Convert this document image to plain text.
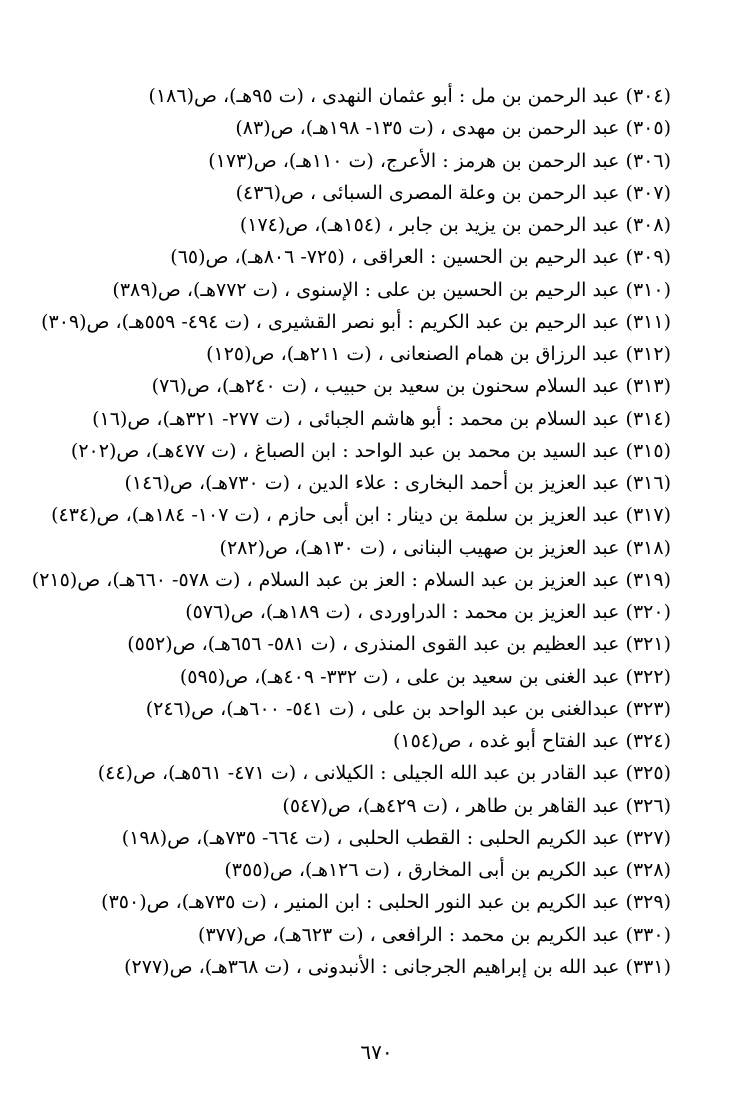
(٣٠٤) عبد الرحمن بن مل : أبو عثمان النهدى ، (ت ٩٥هـ)، ص(١٨٦)
(٣٠٥) عبد الرحمن بن مهدى ، (ت ١٣٥- ١٩٨هـ)، ص(٨٣)
(٣٠٦) عبد الرحمن بن هرمز : الأعرج، (ت ١١٠هـ)، ص(١٧٣)
(٣٠٧) عبد الرحمن بن وعلة المصرى السبائى ، ص(٤٣٦)
(٣٠٨) عبد الرحمن بن يزيد بن جابر ، (١٥٤هـ)، ص(١٧٤)
(٣٠٩) عبد الرحيم بن الحسين : العراقى ، (٧٢٥- ٨٠٦هـ)، ص(٦٥)
(٣١٠) عبد الرحيم بن الحسين بن على : الإسنوى ، (ت ٧٧٢هـ)، ص(٣٨٩)
(٣١١) عبد الرحيم بن عبد الكريم : أبو نصر القشيرى ، (ت ٤٩٤- ٥٥٩هـ)، ص(٣٠٩)
(٣١٢) عبد الرزاق بن همام الصنعانى ، (ت ٢١١هـ)، ص(١٢٥)
(٣١٣) عبد السلام سحنون بن سعيد بن حبيب ، (ت ٢٤٠هـ)، ص(٧٦)
(٣١٤) عبد السلام بن محمد : أبو هاشم الجبائى ، (ت ٢٧٧- ٣٢١هـ)، ص(١٦)
(٣١٥) عبد السيد بن محمد بن عبد الواحد : ابن الصباغ ، (ت ٤٧٧هـ)، ص(٢٠٢)
(٣١٦) عبد العزيز بن أحمد البخارى : علاء الدين ، (ت ٧٣٠هـ)، ص(١٤٦)
(٣١٧) عبد العزيز بن سلمة بن دينار : ابن أبى حازم ، (ت ١٠٧- ١٨٤هـ)، ص(٤٣٤)
(٣١٨) عبد العزيز بن صهيب البنانى ، (ت ١٣٠هـ)، ص(٢٨٢)
(٣١٩) عبد العزيز بن عبد السلام : العز بن عبد السلام ، (ت ٥٧٨- ٦٦٠هـ)، ص(٢١٥)
(٣٢٠) عبد العزيز بن محمد : الدراوردى ، (ت ١٨٩هـ)، ص(٥٧٦)
(٣٢١) عبد العظيم بن عبد القوى المنذرى ، (ت ٥٨١- ٦٥٦هـ)، ص(٥٥٢)
(٣٢٢) عبد الغنى بن سعيد بن على ، (ت ٣٣٢- ٤٠٩هـ)، ص(٥٩٥)
(٣٢٣) عبدالغنى بن عبد الواحد بن على ، (ت ٥٤١- ٦٠٠هـ)، ص(٢٤٦)
(٣٢٤) عبد الفتاح أبو غده ، ص(١٥٤)
(٣٢٥) عبد القادر بن عبد الله الجيلى : الكيلانى ، (ت ٤٧١- ٥٦١هـ)، ص(٤٤)
(٣٢٦) عبد القاهر بن طاهر ، (ت ٤٢٩هـ)، ص(٥٤٧)
(٣٢٧) عبد الكريم الحلبى : القطب الحلبى ، (ت ٦٦٤- ٧٣٥هـ)، ص(١٩٨)
(٣٢٨) عبد الكريم بن أبى المخارق ، (ت ١٢٦هـ)، ص(٣٥٥)
(٣٢٩) عبد الكريم بن عبد النور الحلبى : ابن المنير ، (ت ٧٣٥هـ)، ص(٣٥٠)
(٣٣٠) عبد الكريم بن محمد : الرافعى ، (ت ٦٢٣هـ)، ص(٣٧٧)
(٣٣١) عبد الله بن إبراهيم الجرجانى : الأنبدونى ، (ت ٣٦٨هـ)، ص(٢٧٧)
٦٧٠
